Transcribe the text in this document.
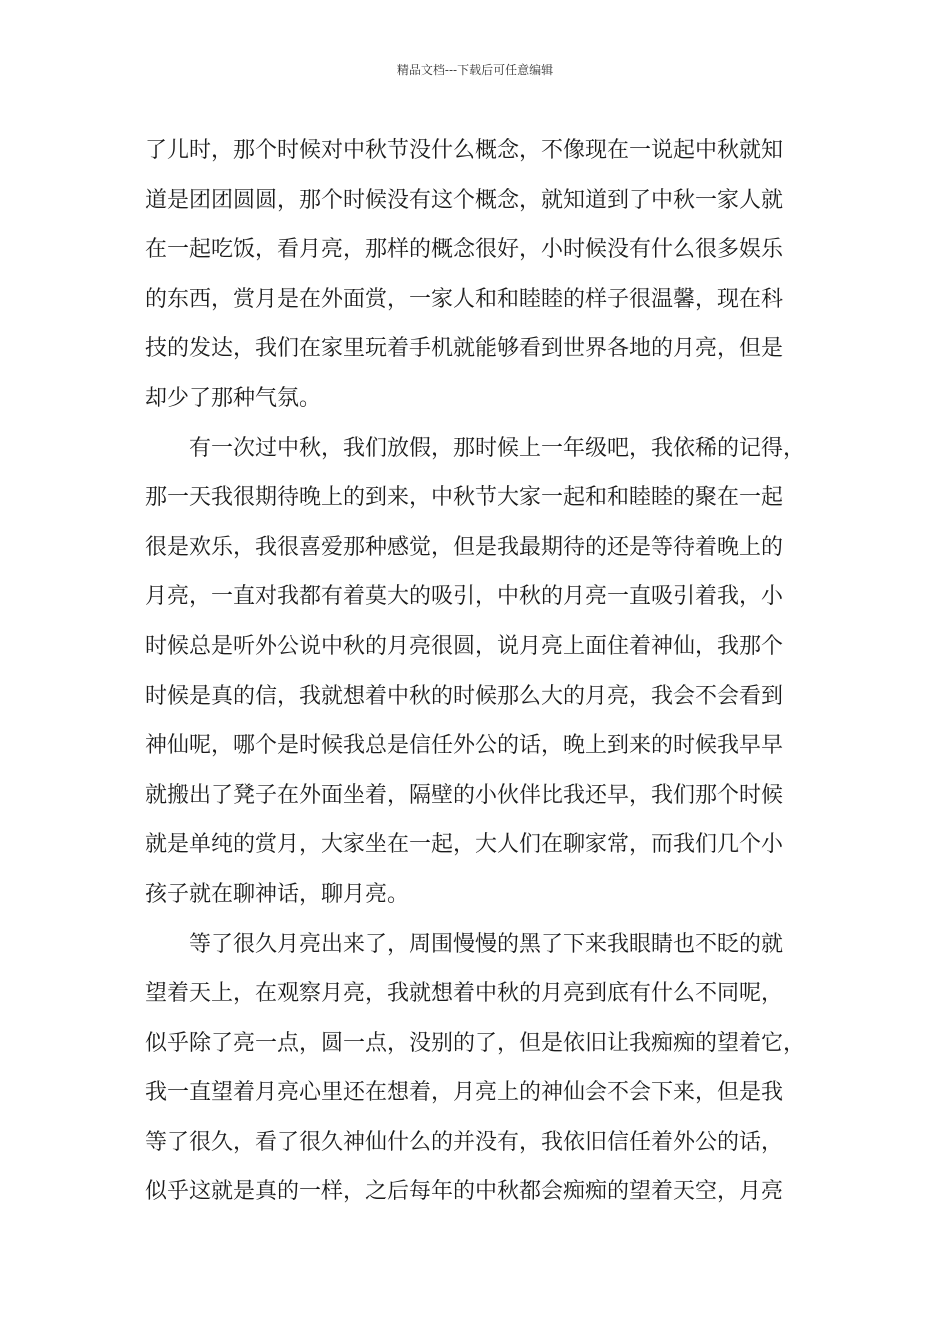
精品文档---下载后可任意编辑
了儿时，那个时候对中秋节没什么概念，不像现在一说起中秋就知
道是团团圆圆，那个时候没有这个概念，就知道到了中秋一家人就
在一起吃饭，看月亮，那样的概念很好，小时候没有什么很多娱乐
的东西，赏月是在外面赏，一家人和和睦睦的样子很温馨，现在科
技的发达，我们在家里玩着手机就能够看到世界各地的月亮，但是
却少了那种气氛。
　　有一次过中秋，我们放假，那时候上一年级吧，我依稀的记得，
那一天我很期待晚上的到来，中秋节大家一起和和睦睦的聚在一起
很是欢乐，我很喜爱那种感觉，但是我最期待的还是等待着晚上的
月亮，一直对我都有着莫大的吸引，中秋的月亮一直吸引着我，小
时候总是听外公说中秋的月亮很圆，说月亮上面住着神仙，我那个
时候是真的信，我就想着中秋的时候那么大的月亮，我会不会看到
神仙呢，哪个是时候我总是信任外公的话，晚上到来的时候我早早
就搬出了凳子在外面坐着，隔壁的小伙伴比我还早，我们那个时候
就是单纯的赏月，大家坐在一起，大人们在聊家常，而我们几个小
孩子就在聊神话，聊月亮。
　　等了很久月亮出来了，周围慢慢的黑了下来我眼睛也不眨的就
望着天上，在观察月亮，我就想着中秋的月亮到底有什么不同呢，
似乎除了亮一点，圆一点，没别的了，但是依旧让我痴痴的望着它，
我一直望着月亮心里还在想着，月亮上的神仙会不会下来，但是我
等了很久，看了很久神仙什么的并没有，我依旧信任着外公的话，
似乎这就是真的一样，之后每年的中秋都会痴痴的望着天空，月亮
